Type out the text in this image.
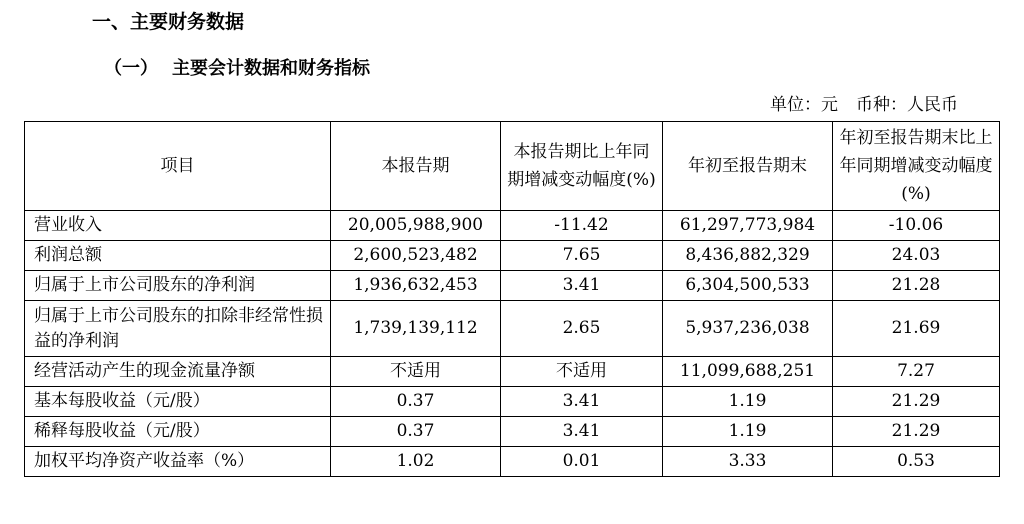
一、主要财务数据
（一） 主要会计数据和财务指标
单位：元 币种：人民币
项目	本报告期	本报告期比上年同期增减变动幅度(%)	年初至报告期末	年初至报告期末比上年同期增减变动幅度(%)
营业收入	20,005,988,900	-11.42	61,297,773,984	-10.06
利润总额	2,600,523,482	7.65	8,436,882,329	24.03
归属于上市公司股东的净利润	1,936,632,453	3.41	6,304,500,533	21.28
归属于上市公司股东的扣除非经常性损益的净利润	1,739,139,112	2.65	5,937,236,038	21.69
经营活动产生的现金流量净额	不适用	不适用	11,099,688,251	7.27
基本每股收益（元/股）	0.37	3.41	1.19	21.29
稀释每股收益（元/股）	0.37	3.41	1.19	21.29
加权平均净资产收益率（%）	1.02	0.01	3.33	0.53
